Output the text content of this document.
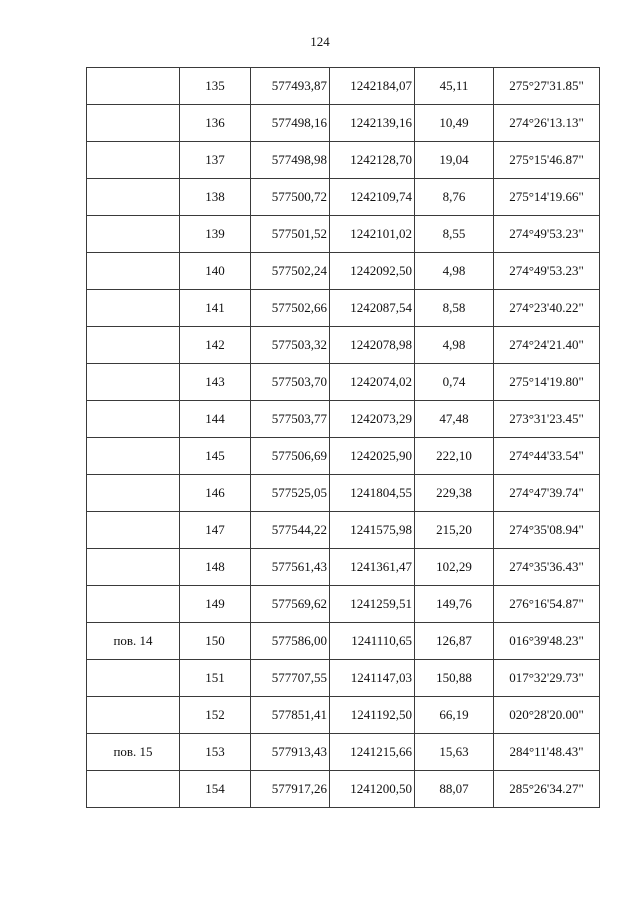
124
	135	577493,87	1242184,07	45,11	275°27'31.85"
	136	577498,16	1242139,16	10,49	274°26'13.13"
	137	577498,98	1242128,70	19,04	275°15'46.87"
	138	577500,72	1242109,74	8,76	275°14'19.66"
	139	577501,52	1242101,02	8,55	274°49'53.23"
	140	577502,24	1242092,50	4,98	274°49'53.23"
	141	577502,66	1242087,54	8,58	274°23'40.22"
	142	577503,32	1242078,98	4,98	274°24'21.40"
	143	577503,70	1242074,02	0,74	275°14'19.80"
	144	577503,77	1242073,29	47,48	273°31'23.45"
	145	577506,69	1242025,90	222,10	274°44'33.54"
	146	577525,05	1241804,55	229,38	274°47'39.74"
	147	577544,22	1241575,98	215,20	274°35'08.94"
	148	577561,43	1241361,47	102,29	274°35'36.43"
	149	577569,62	1241259,51	149,76	276°16'54.87"
пов. 14	150	577586,00	1241110,65	126,87	016°39'48.23"
	151	577707,55	1241147,03	150,88	017°32'29.73"
	152	577851,41	1241192,50	66,19	020°28'20.00"
пов. 15	153	577913,43	1241215,66	15,63	284°11'48.43"
	154	577917,26	1241200,50	88,07	285°26'34.27"
